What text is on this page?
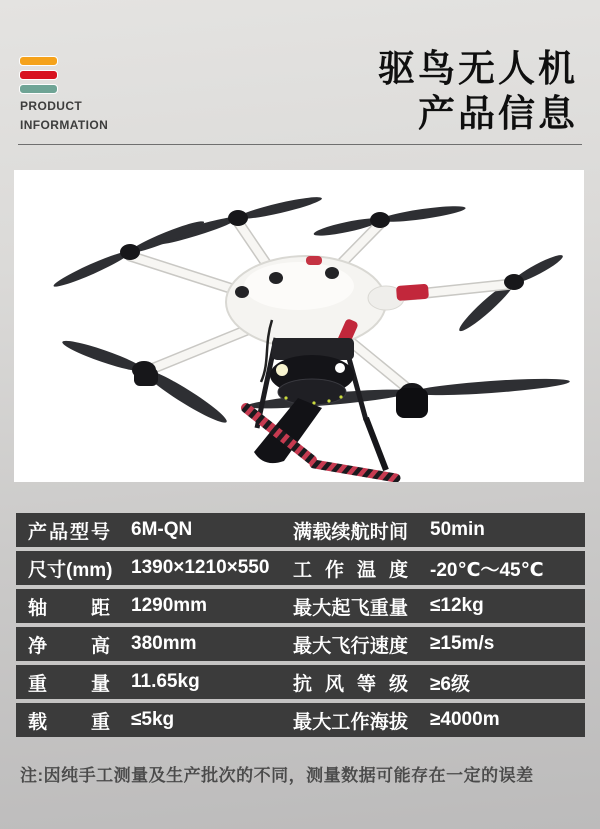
PRODUCT
INFORMATION
驱鸟无人机
产品信息
产品型号 6M-QN	满载续航时间 50min
尺寸(mm) 1390×1210×550	工作温度 -20℃～45℃
轴距 1290mm	最大起飞重量 ≤12kg
净高 380mm	最大飞行速度 ≥15m/s
重量 11.65kg	抗风等级 ≥6级
载重 ≤5kg	最大工作海拔 ≥4000m
注:因纯手工测量及生产批次的不同，测量数据可能存在一定的误差
